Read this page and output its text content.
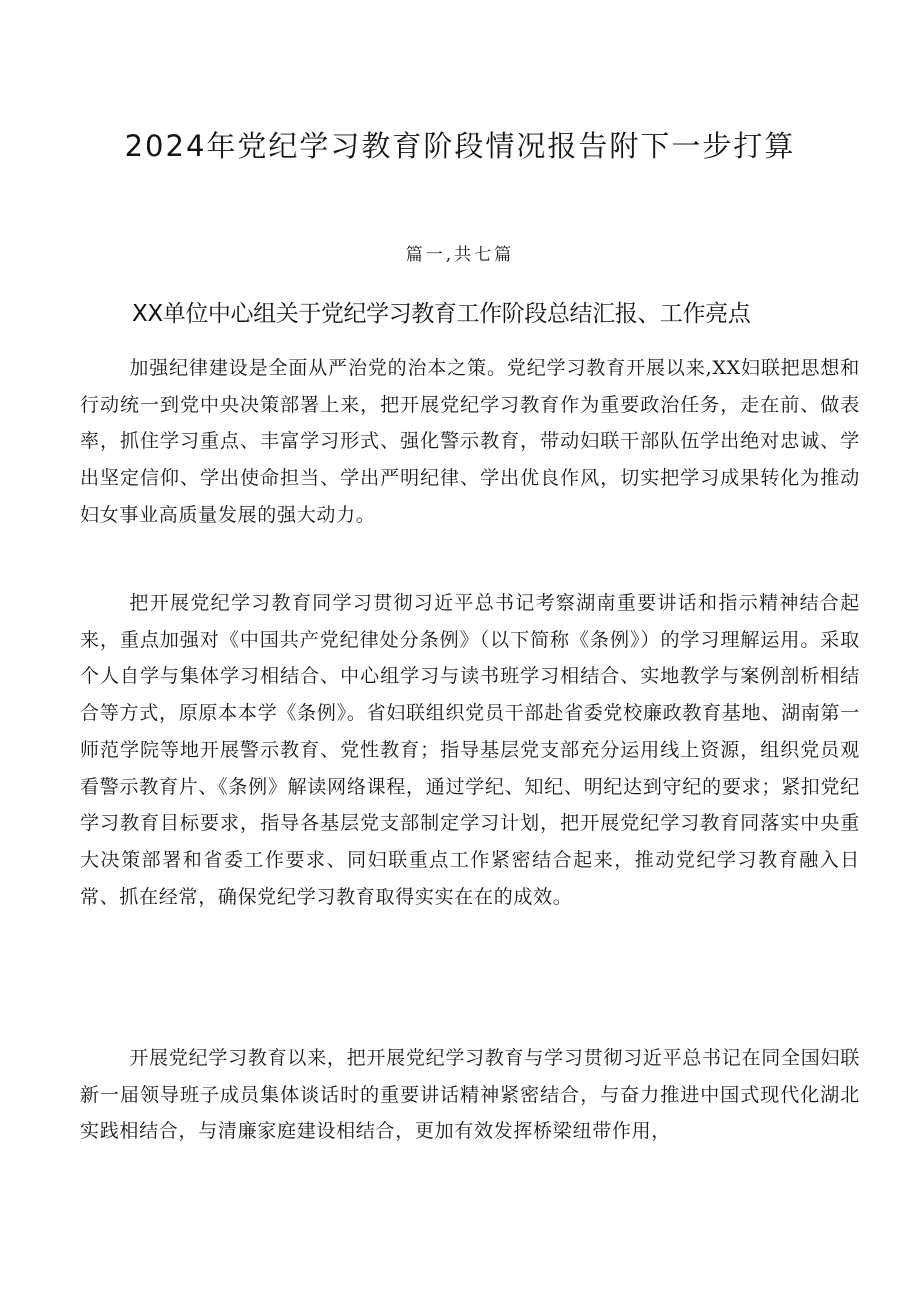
2024年党纪学习教育阶段情况报告附下一步打算
篇一,共七篇
XX单位中心组关于党纪学习教育工作阶段总结汇报、工作亮点

加强纪律建设是全面从严治党的治本之策。党纪学习教育开展以来,XX妇联把思想和行动统一到党中央决策部署上来，把开展党纪学习教育作为重要政治任务，走在前、做表率，抓住学习重点、丰富学习形式、强化警示教育，带动妇联干部队伍学出绝对忠诚、学出坚定信仰、学出使命担当、学出严明纪律、学出优良作风，切实把学习成果转化为推动妇女事业高质量发展的强大动力。

把开展党纪学习教育同学习贯彻习近平总书记考察湖南重要讲话和指示精神结合起来，重点加强对《中国共产党纪律处分条例》（以下简称《条例》）的学习理解运用。采取个人自学与集体学习相结合、中心组学习与读书班学习相结合、实地教学与案例剖析相结合等方式，原原本本学《条例》。省妇联组织党员干部赴省委党校廉政教育基地、湖南第一师范学院等地开展警示教育、党性教育；指导基层党支部充分运用线上资源，组织党员观看警示教育片、《条例》解读网络课程，通过学纪、知纪、明纪达到守纪的要求；紧扣党纪学习教育目标要求，指导各基层党支部制定学习计划，把开展党纪学习教育同落实中央重大决策部署和省委工作要求、同妇联重点工作紧密结合起来，推动党纪学习教育融入日常、抓在经常，确保党纪学习教育取得实实在在的成效。

开展党纪学习教育以来，把开展党纪学习教育与学习贯彻习近平总书记在同全国妇联新一届领导班子成员集体谈话时的重要讲话精神紧密结合，与奋力推进中国式现代化湖北实践相结合，与清廉家庭建设相结合，更加有效发挥桥梁纽带作用，
